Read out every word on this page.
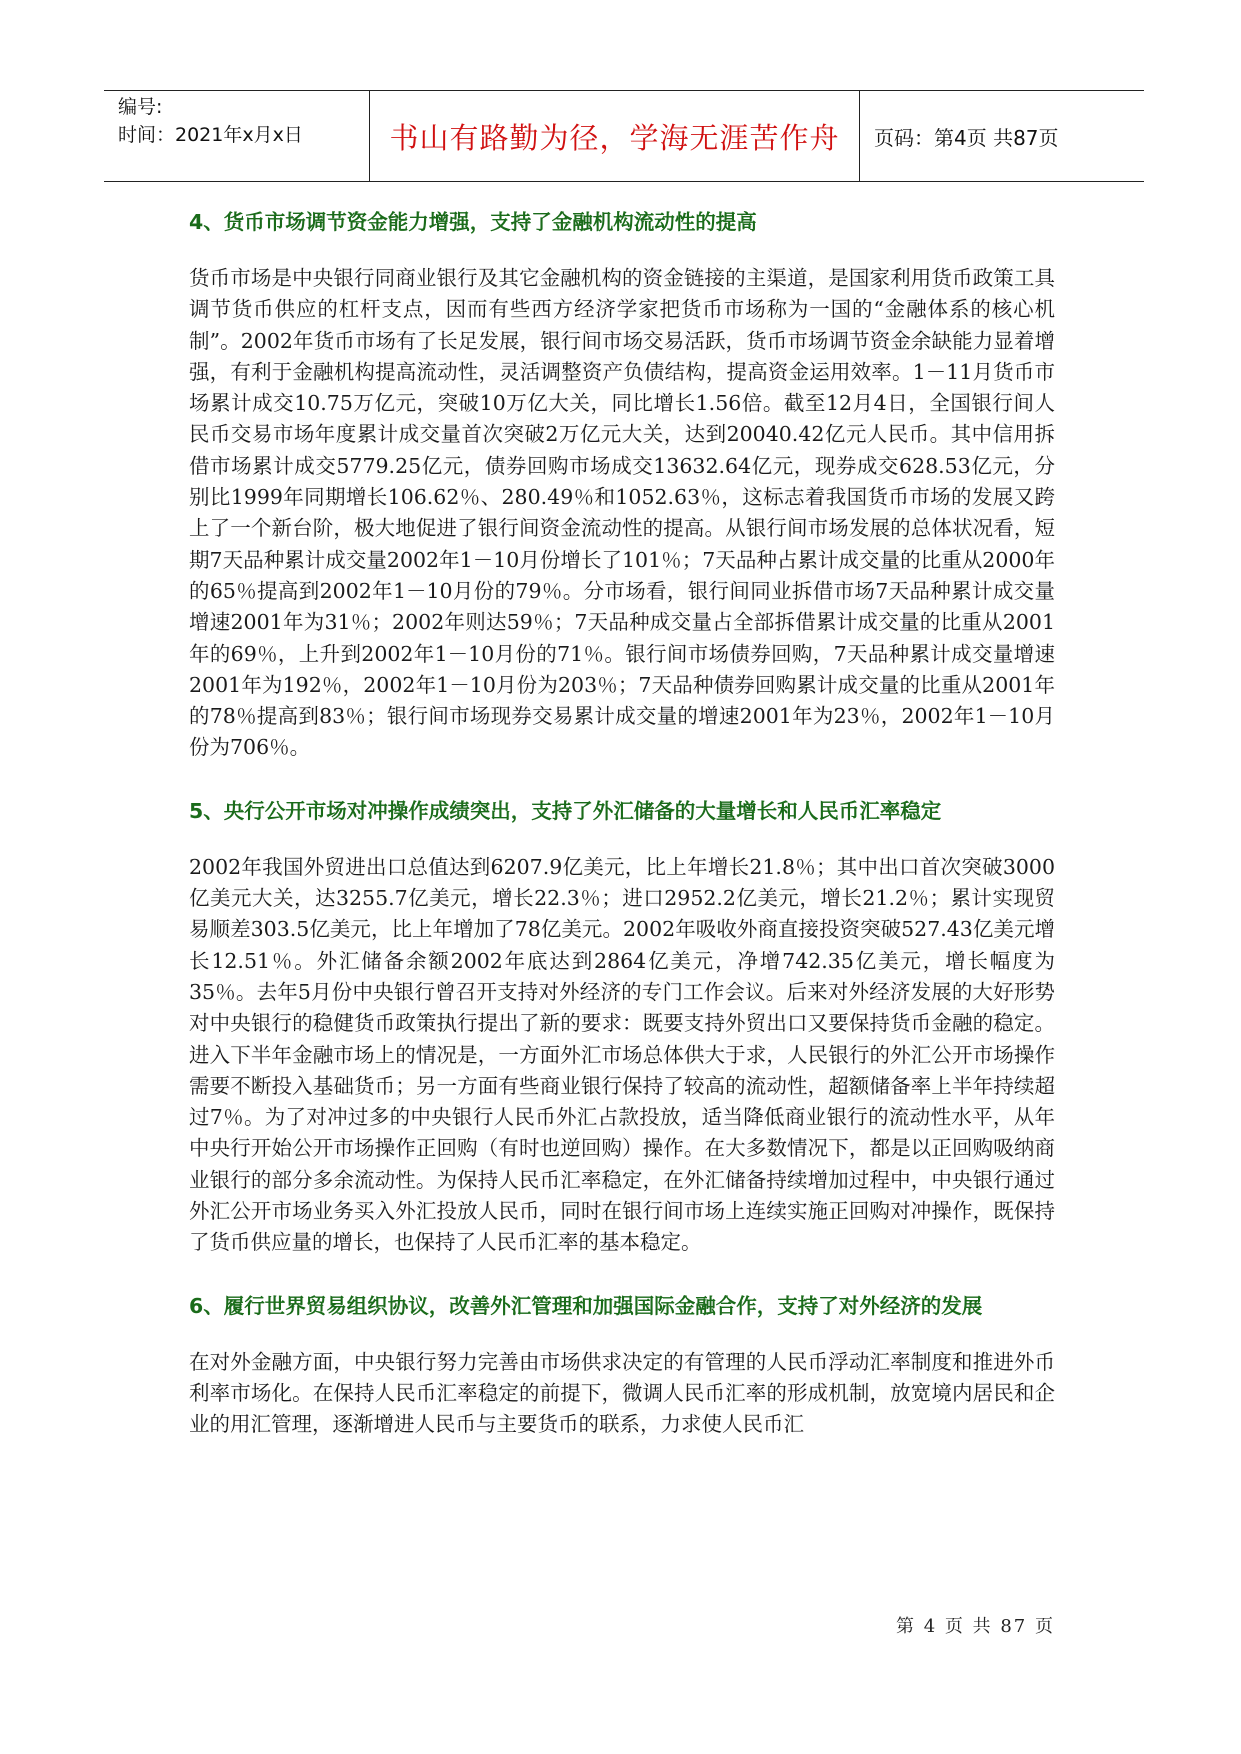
编号:
时间：2021年x月x日	书山有路勤为径，学海无涯苦作舟 页码：第4页 共87页
4、货币市场调节资金能力增强，支持了金融机构流动性的提高

货币市场是中央银行同商业银行及其它金融机构的资金链接的主渠道，是国家利用货币政策工具调节货币供应的杠杆支点，因而有些西方经济学家把货币市场称为一国的“金融体系的核心机制”。2002年货币市场有了长足发展，银行间市场交易活跃，货币市场调节资金余缺能力显着增强，有利于金融机构提高流动性，灵活调整资产负债结构，提高资金运用效率。1－11月货币市场累计成交10.75万亿元，突破10万亿大关，同比增长1.56倍。截至12月4日，全国银行间人民币交易市场年度累计成交量首次突破2万亿元大关，达到20040.42亿元人民币。其中信用拆借市场累计成交5779.25亿元，债券回购市场成交13632.64亿元，现券成交628.53亿元，分别比1999年同期增长106.62％、280.49％和1052.63％，这标志着我国货币市场的发展又跨上了一个新台阶，极大地促进了银行间资金流动性的提高。从银行间市场发展的总体状况看，短期7天品种累计成交量2002年1－10月份增长了101％；7天品种占累计成交量的比重从2000年的65％提高到2002年1－10月份的79％。分市场看，银行间同业拆借市场7天品种累计成交量增速2001年为31％；2002年则达59％；7天品种成交量占全部拆借累计成交量的比重从2001年的69％，上升到2002年1－10月份的71％。银行间市场债券回购，7天品种累计成交量增速2001年为192％，2002年1－10月份为203％；7天品种债券回购累计成交量的比重从2001年的78％提高到83％；银行间市场现券交易累计成交量的增速2001年为23％，2002年1－10月份为706％。

5、央行公开市场对冲操作成绩突出，支持了外汇储备的大量增长和人民币汇率稳定

2002年我国外贸进出口总值达到6207.9亿美元，比上年增长21.8％；其中出口首次突破3000亿美元大关，达3255.7亿美元，增长22.3％；进口2952.2亿美元，增长21.2％；累计实现贸易顺差303.5亿美元，比上年增加了78亿美元。2002年吸收外商直接投资突破527.43亿美元增长12.51％。外汇储备余额2002年底达到2864亿美元，净增742.35亿美元，增长幅度为35％。去年5月份中央银行曾召开支持对外经济的专门工作会议。后来对外经济发展的大好形势对中央银行的稳健货币政策执行提出了新的要求：既要支持外贸出口又要保持货币金融的稳定。进入下半年金融市场上的情况是，一方面外汇市场总体供大于求，人民银行的外汇公开市场操作需要不断投入基础货币；另一方面有些商业银行保持了较高的流动性，超额储备率上半年持续超过7％。为了对冲过多的中央银行人民币外汇占款投放，适当降低商业银行的流动性水平，从年中央行开始公开市场操作正回购（有时也逆回购）操作。在大多数情况下，都是以正回购吸纳商业银行的部分多余流动性。为保持人民币汇率稳定，在外汇储备持续增加过程中，中央银行通过外汇公开市场业务买入外汇投放人民币，同时在银行间市场上连续实施正回购对冲操作，既保持了货币供应量的增长，也保持了人民币汇率的基本稳定。

6、履行世界贸易组织协议，改善外汇管理和加强国际金融合作，支持了对外经济的发展

在对外金融方面，中央银行努力完善由市场供求决定的有管理的人民币浮动汇率制度和推进外币利率市场化。在保持人民币汇率稳定的前提下，微调人民币汇率的形成机制，放宽境内居民和企业的用汇管理，逐渐增进人民币与主要货币的联系，力求使人民币汇

第 4 页 共 87 页
